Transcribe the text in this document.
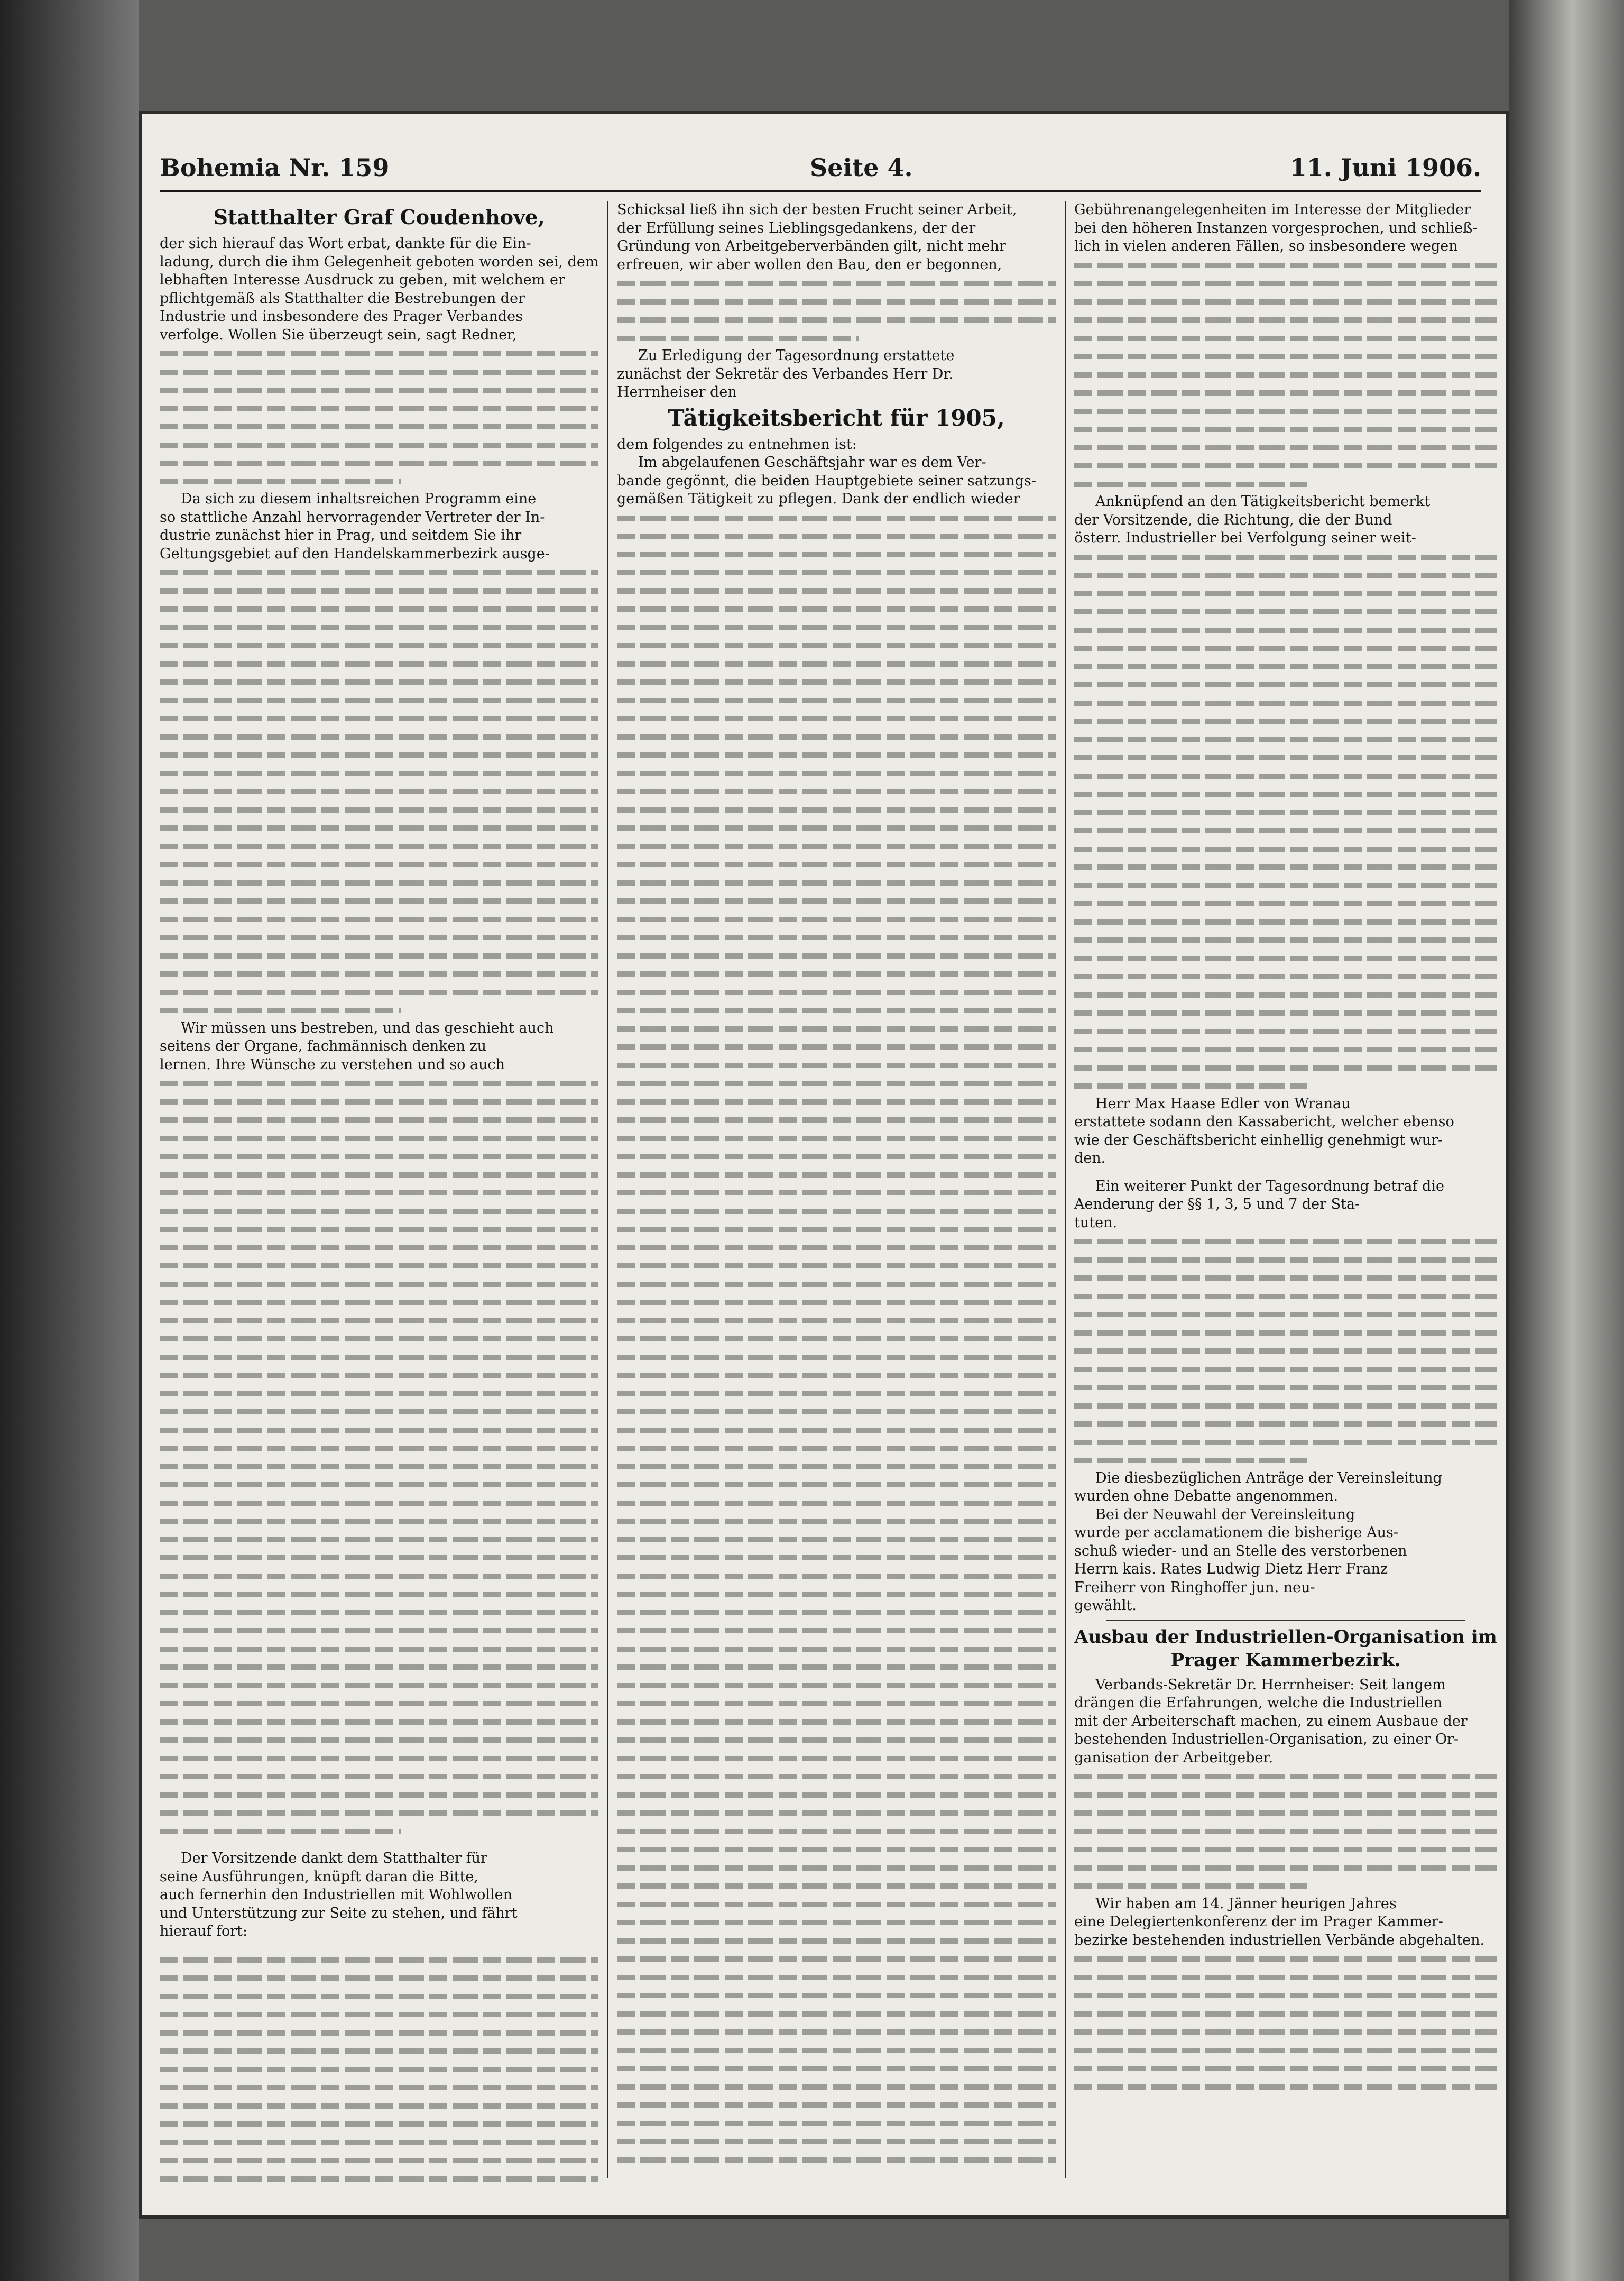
Bohemia Nr. 159	Seite 4.	11. Juni 1906.
Statthalter Graf Coudenhove,
der sich hierauf das Wort erbat, dankte für die Ein-
ladung, durch die ihm Gelegenheit geboten worden sei, dem
lebhaften Interesse Ausdruck zu geben, mit welchem er
pflichtgemäß als Statthalter die Bestrebungen der
Industrie und insbesondere des Prager Verbandes
verfolge. Wollen Sie überzeugt sein, sagt Redner,
Da sich zu diesem inhaltsreichen Programm eine
so stattliche Anzahl hervorragender Vertreter der In-
dustrie zunächst hier in Prag, und seitdem Sie ihr
Geltungsgebiet auf den Handelskammerbezirk ausge-
Wir müssen uns bestreben, und das geschieht auch
seitens der Organe, fachmännisch denken zu
lernen. Ihre Wünsche zu verstehen und so auch
Der Vorsitzende dankt dem Statthalter für
seine Ausführungen, knüpft daran die Bitte,
auch fernerhin den Industriellen mit Wohlwollen
und Unterstützung zur Seite zu stehen, und fährt
hierauf fort:
Schicksal ließ ihn sich der besten Frucht seiner Arbeit,
der Erfüllung seines Lieblingsgedankens, der der
Gründung von Arbeitgeberverbänden gilt, nicht mehr
erfreuen, wir aber wollen den Bau, den er begonnen,
Zu Erledigung der Tagesordnung erstattete
zunächst der Sekretär des Verbandes Herr Dr.
Herrnheiser den
Tätigkeitsbericht für 1905,
dem folgendes zu entnehmen ist:
Im abgelaufenen Geschäftsjahr war es dem Ver-
bande gegönnt, die beiden Hauptgebiete seiner satzungs-
gemäßen Tätigkeit zu pflegen. Dank der endlich wieder
Gebührenangelegenheiten im Interesse der Mitglieder
bei den höheren Instanzen vorgesprochen, und schließ-
lich in vielen anderen Fällen, so insbesondere wegen
Anknüpfend an den Tätigkeitsbericht bemerkt
der Vorsitzende, die Richtung, die der Bund
österr. Industrieller bei Verfolgung seiner weit-
Herr Max Haase Edler von Wranau
erstattete sodann den Kassabericht, welcher ebenso
wie der Geschäftsbericht einhellig genehmigt wur-
den.
Ein weiterer Punkt der Tagesordnung betraf die
Aenderung der §§ 1, 3, 5 und 7 der Sta-
tuten.
Die diesbezüglichen Anträge der Vereinsleitung
wurden ohne Debatte angenommen.
Bei der Neuwahl der Vereinsleitung
wurde per acclamationem die bisherige Aus-
schuß wieder- und an Stelle des verstorbenen
Herrn kais. Rates Ludwig Dietz Herr Franz
Freiherr von Ringhoffer jun. neu-
gewählt.
Ausbau der Industriellen-Organisation im Prager Kammerbezirk.
Verbands-Sekretär Dr. Herrnheiser: Seit langem
drängen die Erfahrungen, welche die Industriellen
mit der Arbeiterschaft machen, zu einem Ausbaue der
bestehenden Industriellen-Organisation, zu einer Or-
ganisation der Arbeitgeber.
Wir haben am 14. Jänner heurigen Jahres
eine Delegiertenkonferenz der im Prager Kammer-
bezirke bestehenden industriellen Verbände abgehalten.
